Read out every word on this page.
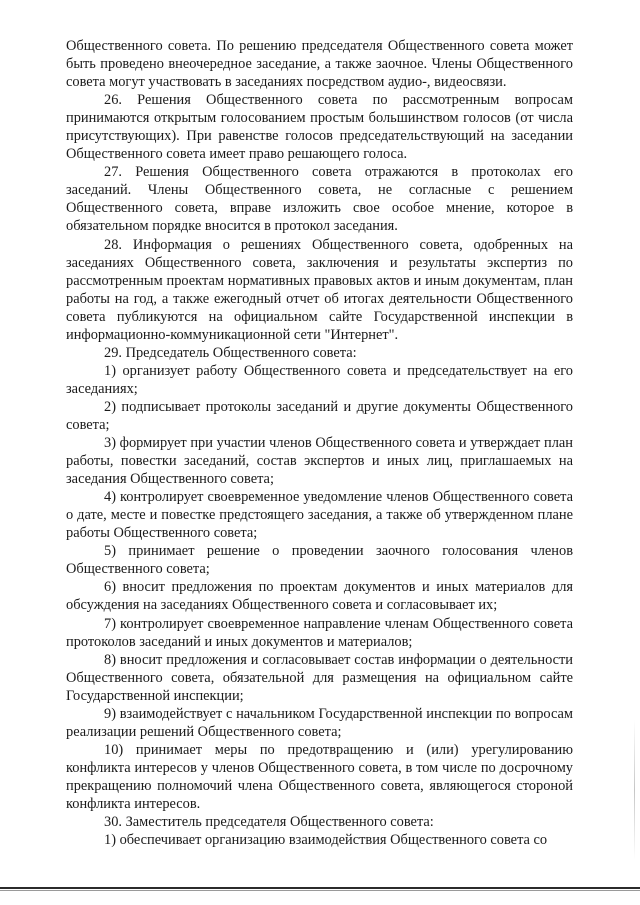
Общественного совета. По решению председателя Общественного совета может быть проведено внеочередное заседание, а также заочное. Члены Общественного совета могут участвовать в заседаниях посредством аудио-, видеосвязи.

26. Решения Общественного совета по рассмотренным вопросам принимаются открытым голосованием простым большинством голосов (от числа присутствующих). При равенстве голосов председательствующий на заседании Общественного совета имеет право решающего голоса.

27. Решения Общественного совета отражаются в протоколах его заседаний. Члены Общественного совета, не согласные с решением Общественного совета, вправе изложить свое особое мнение, которое в обязательном порядке вносится в протокол заседания.

28. Информация о решениях Общественного совета, одобренных на заседаниях Общественного совета, заключения и результаты экспертиз по рассмотренным проектам нормативных правовых актов и иным документам, план работы на год, а также ежегодный отчет об итогах деятельности Общественного совета публикуются на официальном сайте Государственной инспекции в информационно-коммуникационной сети "Интернет".

29. Председатель Общественного совета:

1) организует работу Общественного совета и председательствует на его заседаниях;

2) подписывает протоколы заседаний и другие документы Общественного совета;

3) формирует при участии членов Общественного совета и утверждает план работы, повестки заседаний, состав экспертов и иных лиц, приглашаемых на заседания Общественного совета;

4) контролирует своевременное уведомление членов Общественного совета о дате, месте и повестке предстоящего заседания, а также об утвержденном плане работы Общественного совета;

5) принимает решение о проведении заочного голосования членов Общественного совета;

6) вносит предложения по проектам документов и иных материалов для обсуждения на заседаниях Общественного совета и согласовывает их;

7) контролирует своевременное направление членам Общественного совета протоколов заседаний и иных документов и материалов;

8) вносит предложения и согласовывает состав информации о деятельности Общественного совета, обязательной для размещения на официальном сайте Государственной инспекции;

9) взаимодействует с начальником Государственной инспекции по вопросам реализации решений Общественного совета;

10) принимает меры по предотвращению и (или) урегулированию конфликта интересов у членов Общественного совета, в том числе по досрочному прекращению полномочий члена Общественного совета, являющегося стороной конфликта интересов.

30. Заместитель председателя Общественного совета:

1) обеспечивает организацию взаимодействия Общественного совета со
